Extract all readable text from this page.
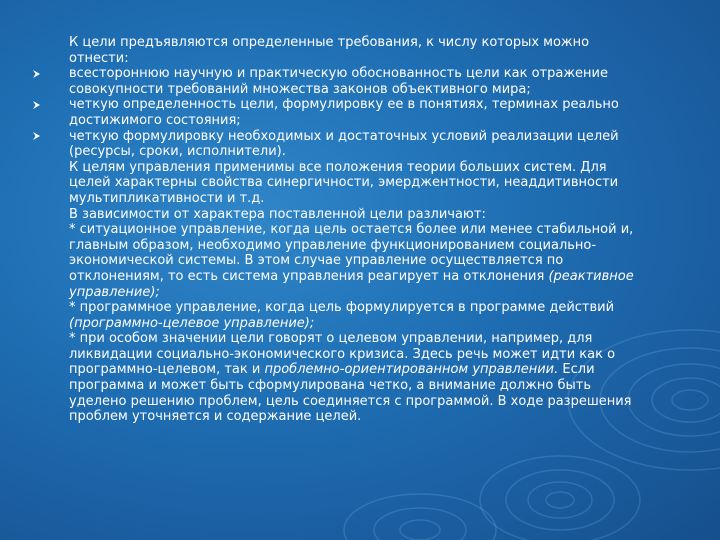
К цели предъявляются определенные требования, к числу которых можно
отнести:
всестороннюю научную и практическую обоснованность цели как отражение
совокупности требований множества законов объективного мира;
четкую определенность цели, формулировку ее в понятиях, терминах реально
достижимого состояния;
четкую формулировку необходимых и достаточных условий реализации целей
(ресурсы, сроки, исполнители).
К целям управления применимы все положения теории больших систем. Для
целей характерны свойства синергичности, эмерджентности, неаддитивности
мультипликативности и т.д.
В зависимости от характера поставленной цели различают:
* ситуационное управление, когда цель остается более или менее стабильной и,
главным образом, необходимо управление функционированием социально-
экономической системы. В этом случае управление осуществляется по
отклонениям, то есть система управления реагирует на отклонения (реактивное
управление);
* программное управление, когда цель формулируется в программе действий
(программно-целевое управление);
* при особом значении цели говорят о целевом управлении, например, для
ликвидации социально-экономического кризиса. Здесь речь может идти как о
программно-целевом, так и проблемно-ориентированном управлении. Если
программа и может быть сформулирована четко, а внимание должно быть
уделено решению проблем, цель соединяется с программой. В ходе разрешения
проблем уточняется и содержание целей.
